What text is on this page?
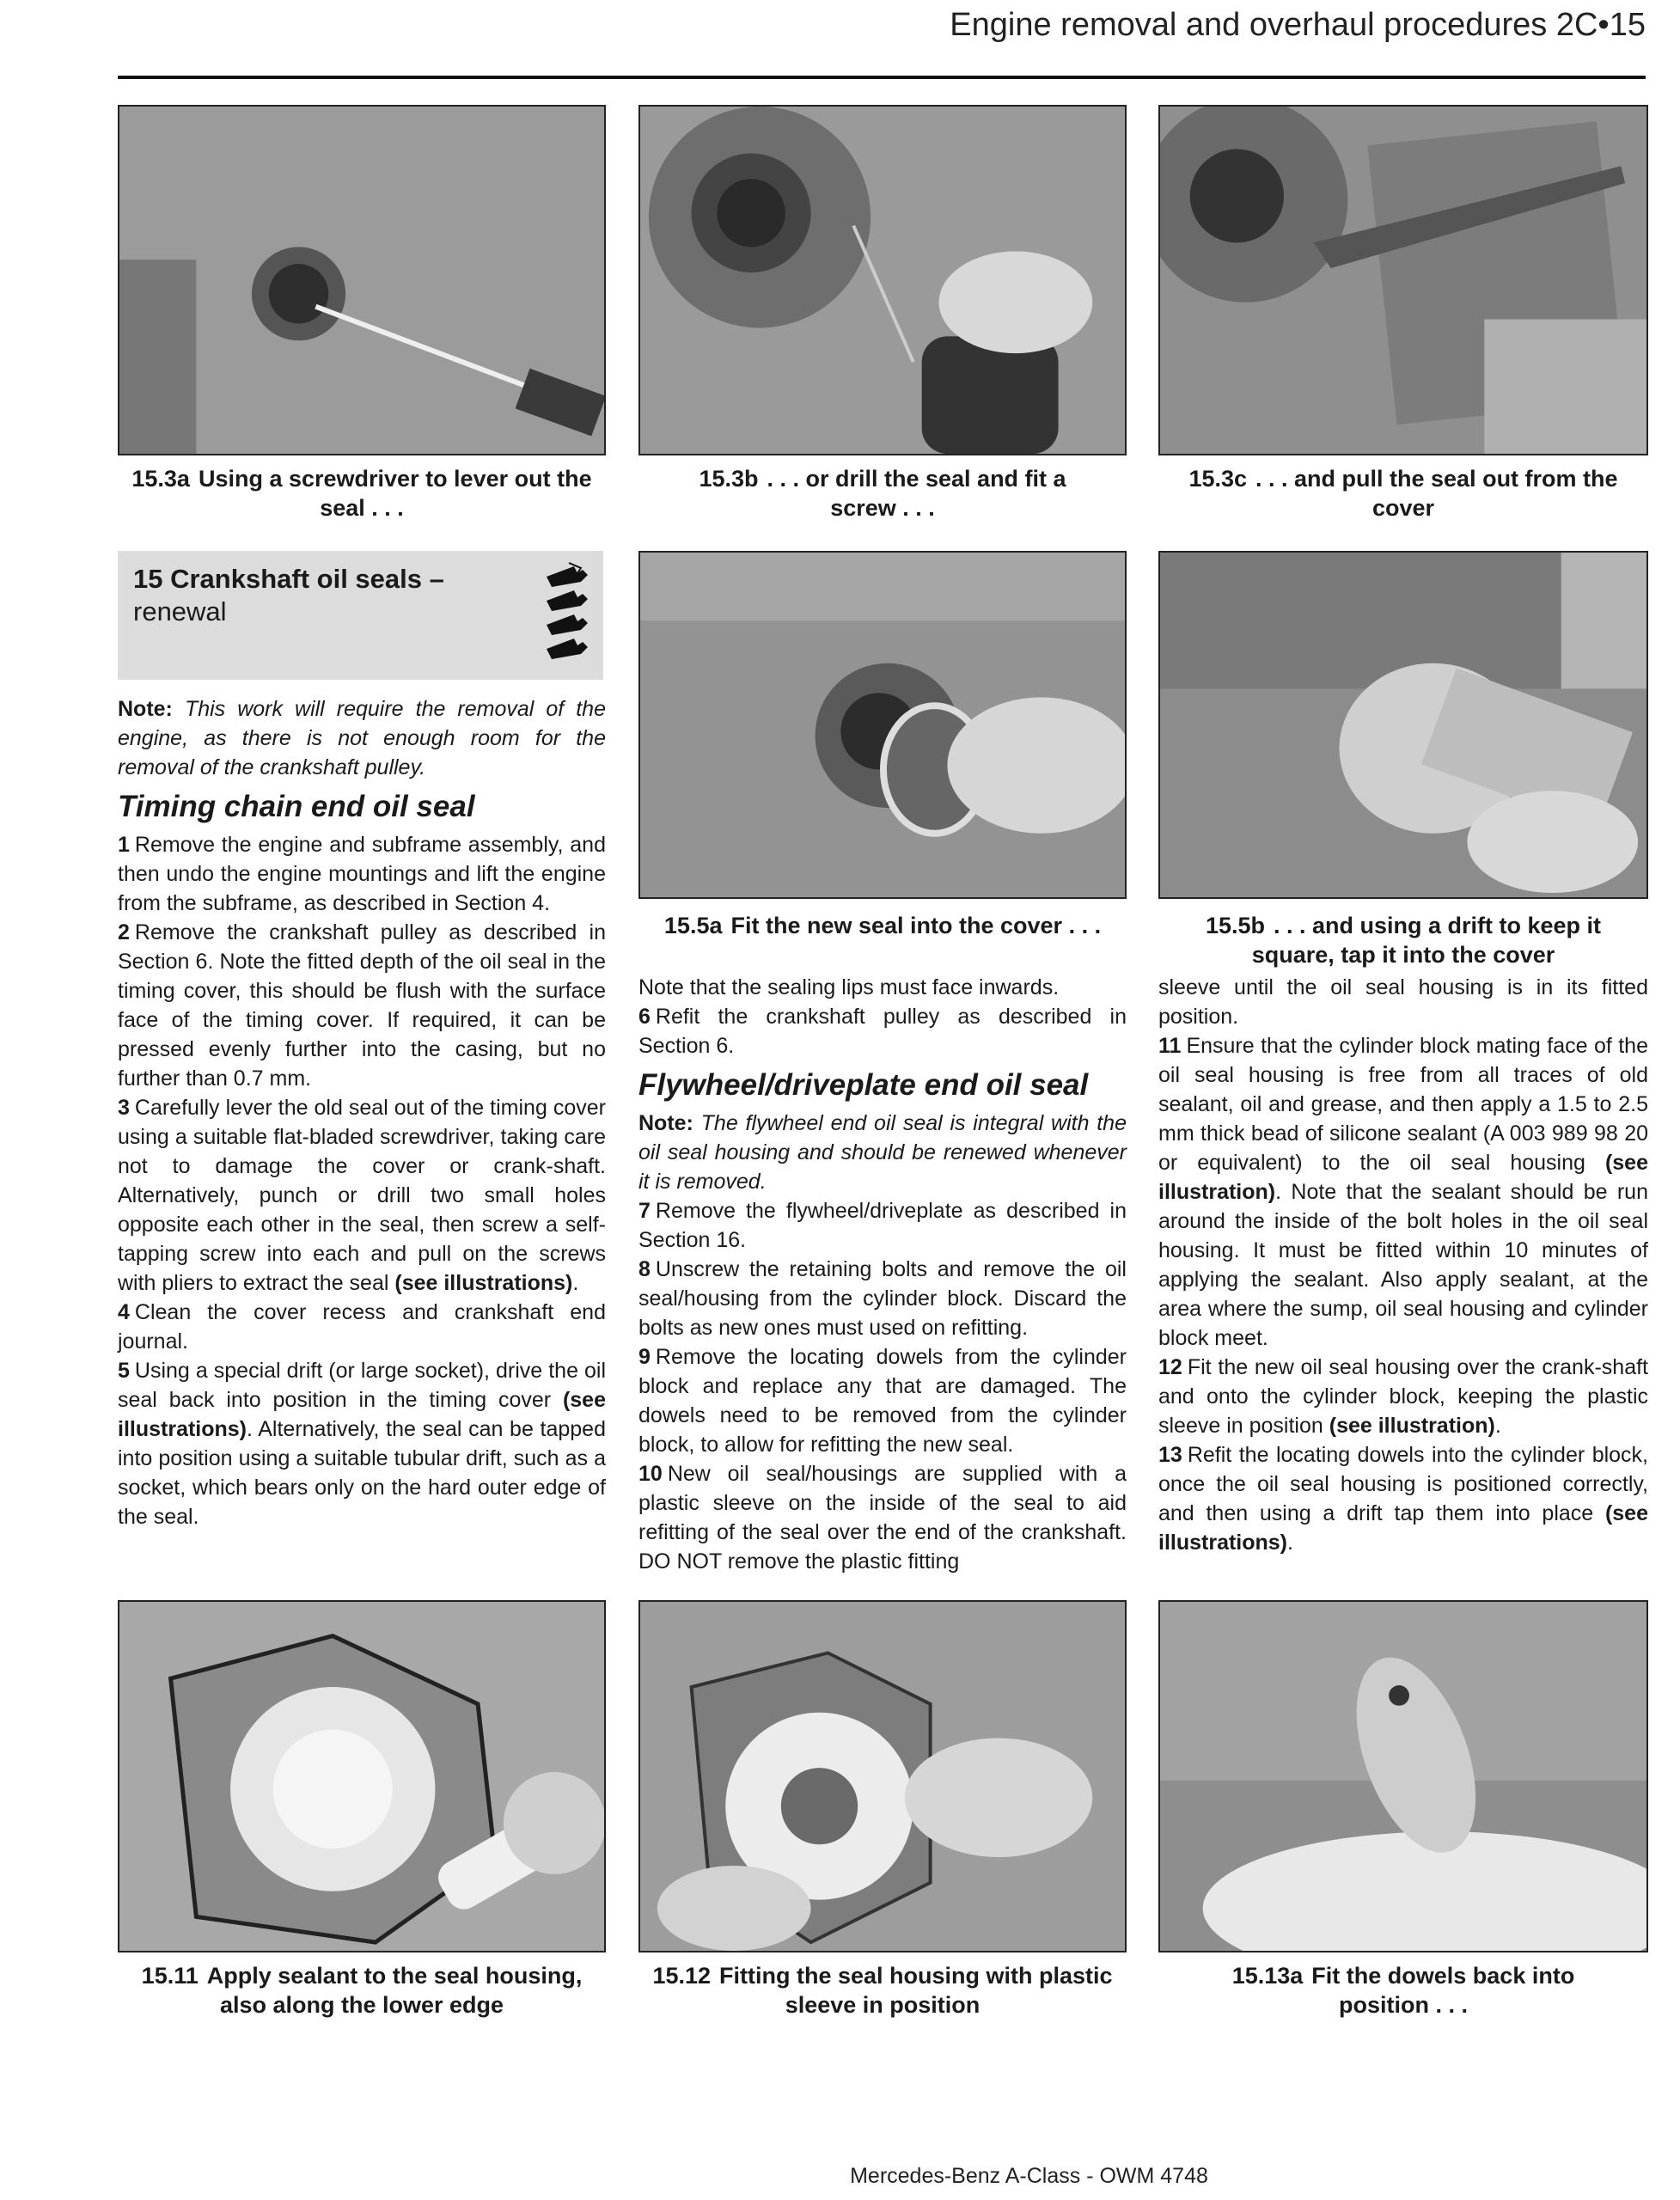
Engine removal and overhaul procedures 2C•15
15.3a Using a screwdriver to lever out the seal . . .
15.3b . . . or drill the seal and fit a screw . . .
15.3c . . . and pull the seal out from the cover
15 Crankshaft oil seals –
renewal

Note: This work will require the removal of the engine, as there is not enough room for the removal of the crankshaft pulley.

Timing chain end oil seal

1 Remove the engine and subframe assembly, and then undo the engine mountings and lift the engine from the subframe, as described in Section 4.

2 Remove the crankshaft pulley as described in Section 6. Note the fitted depth of the oil seal in the timing cover, this should be flush with the surface face of the timing cover. If required, it can be pressed evenly further into the casing, but no further than 0.7 mm.

3 Carefully lever the old seal out of the timing cover using a suitable flat-bladed screwdriver, taking care not to damage the cover or crank-shaft. Alternatively, punch or drill two small holes opposite each other in the seal, then screw a self-tapping screw into each and pull on the screws with pliers to extract the seal (see illustrations).

4 Clean the cover recess and crankshaft end journal.

5 Using a special drift (or large socket), drive the oil seal back into position in the timing cover (see illustrations). Alternatively, the seal can be tapped into position using a suitable tubular drift, such as a socket, which bears only on the hard outer edge of the seal.

15.5a Fit the new seal into the cover . . .	15.5b . . . and using a drift to keep it square, tap it into the cover

Note that the sealing lips must face inwards.

6 Refit the crankshaft pulley as described in Section 6.

Flywheel/driveplate end oil seal

Note: The flywheel end oil seal is integral with the oil seal housing and should be renewed whenever it is removed.

7 Remove the flywheel/driveplate as described in Section 16.

8 Unscrew the retaining bolts and remove the oil seal/housing from the cylinder block. Discard the bolts as new ones must used on refitting.

9 Remove the locating dowels from the cylinder block and replace any that are damaged. The dowels need to be removed from the cylinder block, to allow for refitting the new seal.

10 New oil seal/housings are supplied with a plastic sleeve on the inside of the seal to aid refitting of the seal over the end of the crankshaft. DO NOT remove the plastic fitting

sleeve until the oil seal housing is in its fitted position.

11 Ensure that the cylinder block mating face of the oil seal housing is free from all traces of old sealant, oil and grease, and then apply a 1.5 to 2.5 mm thick bead of silicone sealant (A 003 989 98 20 or equivalent) to the oil seal housing (see illustration). Note that the sealant should be run around the inside of the bolt holes in the oil seal housing. It must be fitted within 10 minutes of applying the sealant. Also apply sealant, at the area where the sump, oil seal housing and cylinder block meet.

12 Fit the new oil seal housing over the crank-shaft and onto the cylinder block, keeping the plastic sleeve in position (see illustration).

13 Refit the locating dowels into the cylinder block, once the oil seal housing is positioned correctly, and then using a drift tap them into place (see illustrations).

15.11 Apply sealant to the seal housing, also along the lower edge
15.12 Fitting the seal housing with plastic sleeve in position
15.13a Fit the dowels back into position . . .
Mercedes-Benz A-Class - OWM 4748
